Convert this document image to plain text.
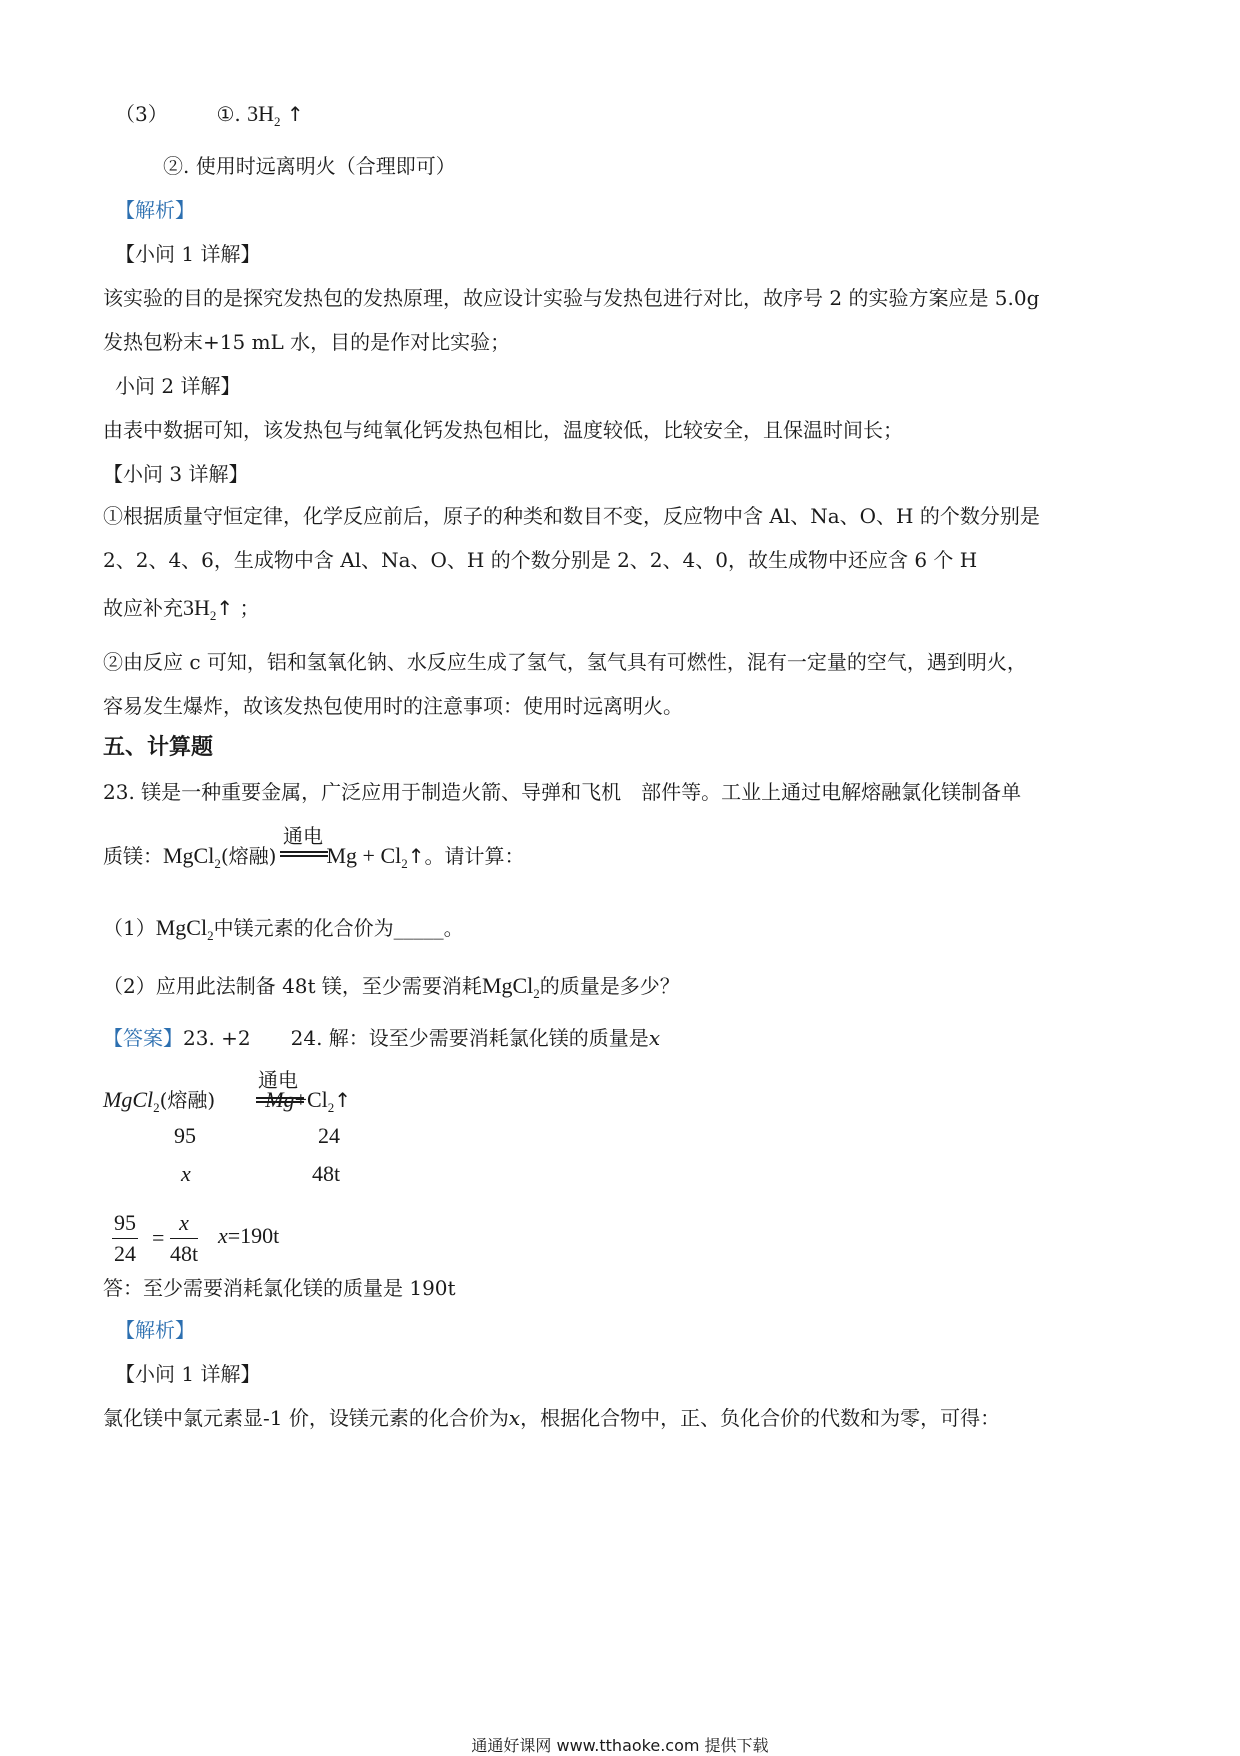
（3） ①. $3H_2$ ↑
②. 使用时远离明火（合理即可）
【解析】
【小问 1 详解】
该实验的目的是探究发热包的发热原理，故应设计实验与发热包进行对比，故序号 2 的实验方案应是 5.0g
发热包粉末+15 mL 水，目的是作对比实验；
小问 2 详解】
由表中数据可知，该发热包与纯氧化钙发热包相比，温度较低，比较安全，且保温时间长；
【小问 3 详解】
①根据质量守恒定律，化学反应前后，原子的种类和数目不变，反应物中含 Al、Na、O、H 的个数分别是
2、2、4、6，生成物中含 Al、Na、O、H 的个数分别是 2、2、4、0，故生成物中还应含 6 个 H
故应补充$3H_2↑$ ；
②由反应 c 可知，铝和氢氧化钠、水反应生成了氢气，氢气具有可燃性，混有一定量的空气，遇到明火，
容易发生爆炸，故该发热包使用时的注意事项：使用时远离明火。
五、计算题
23. 镁是一种重要金属，广泛应用于制造火箭、导弹和飞机　部件等。工业上通过电解熔融氯化镁制备单
质镁：MgCl$_2$(熔融) $Mg + Cl_2↑$。请计算：
通电
（1）MgCl$_2$中镁元素的化合价为_____。
（2）应用此法制备 48t 镁，至少需要消耗MgCl$_2$的质量是多少？
【答案】23. +2　　24. 解：设至少需要消耗氯化镁的质量是x
MgCl$_2$(熔融) $Mg+Cl_2↑$
通电
95	24
x	48t
$\frac{95}{24} = \frac{x}{48t} x=190t$
答：至少需要消耗氯化镁的质量是 190t
【解析】
【小问 1 详解】
氯化镁中氯元素显-1 价，设镁元素的化合价为x，根据化合物中，正、负化合价的代数和为零，可得：
通通好课网 www.tthaoke.com 提供下载
